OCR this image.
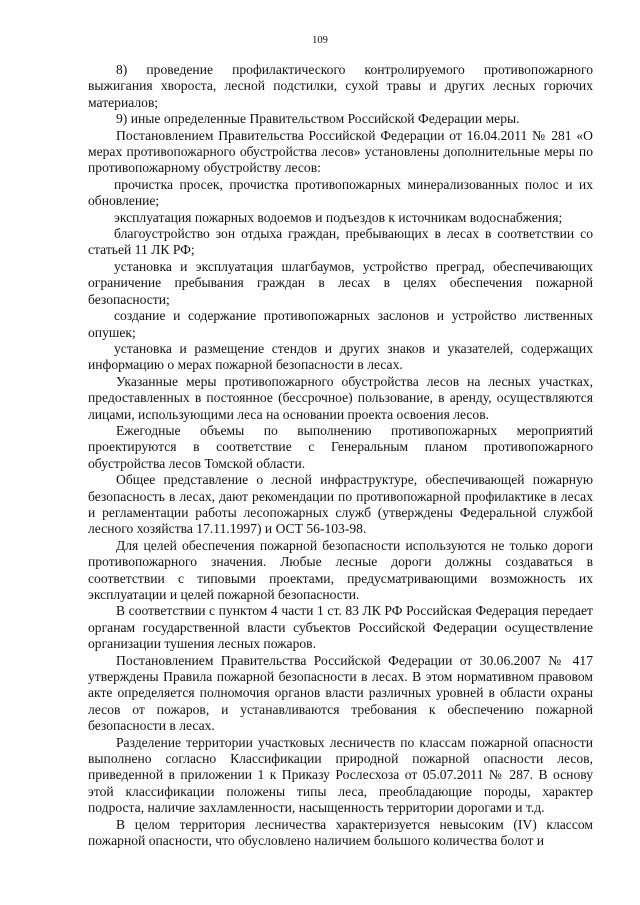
109

8) проведение профилактического контролируемого противопожарного выжигания хвороста, лесной подстилки, сухой травы и других лесных горючих материалов;

9) иные определенные Правительством Российской Федерации меры.

Постановлением Правительства Российской Федерации от 16.04.2011 № 281 «О мерах противопожарного обустройства лесов» установлены дополнительные меры по противопожарному обустройству лесов:

прочистка просек, прочистка противопожарных минерализованных полос и их обновление;

эксплуатация пожарных водоемов и подъездов к источникам водоснабжения;

благоустройство зон отдыха граждан, пребывающих в лесах в соответствии со статьей 11 ЛК РФ;

установка и эксплуатация шлагбаумов, устройство преград, обеспечивающих ограничение пребывания граждан в лесах в целях обеспечения пожарной безопасности;

создание и содержание противопожарных заслонов и устройство лиственных опушек;

установка и размещение стендов и других знаков и указателей, содержащих информацию о мерах пожарной безопасности в лесах.

Указанные меры противопожарного обустройства лесов на лесных участках, предоставленных в постоянное (бессрочное) пользование, в аренду, осуществляются лицами, использующими леса на основании проекта освоения лесов.

Ежегодные объемы по выполнению противопожарных мероприятий проектируются в соответствие с Генеральным планом противопожарного обустройства лесов Томской области.

Общее представление о лесной инфраструктуре, обеспечивающей пожарную безопасность в лесах, дают рекомендации по противопожарной профилактике в лесах и регламентации работы лесопожарных служб (утверждены Федеральной службой лесного хозяйства 17.11.1997) и ОСТ 56-103-98.

Для целей обеспечения пожарной безопасности используются не только дороги противопожарного значения. Любые лесные дороги должны создаваться в соответствии с типовыми проектами, предусматривающими возможность их эксплуатации и целей пожарной безопасности.

В соответствии с пунктом 4 части 1 ст. 83 ЛК РФ Российская Федерация передает органам государственной власти субъектов Российской Федерации осуществление организации тушения лесных пожаров.

Постановлением Правительства Российской Федерации от 30.06.2007 № 417 утверждены Правила пожарной безопасности в лесах. В этом нормативном правовом акте определяется полномочия органов власти различных уровней в области охраны лесов от пожаров, и устанавливаются требования к обеспечению пожарной безопасности в лесах.

Разделение территории участковых лесничеств по классам пожарной опасности выполнено согласно Классификации природной пожарной опасности лесов, приведенной в приложении 1 к Приказу Рослесхоза от 05.07.2011 № 287. В основу этой классификации положены типы леса, преобладающие породы, характер подроста, наличие захламленности, насыщенность территории дорогами и т.д.

В целом территория лесничества характеризуется невысоким (IV) классом пожарной опасности, что обусловлено наличием большого количества болот и
